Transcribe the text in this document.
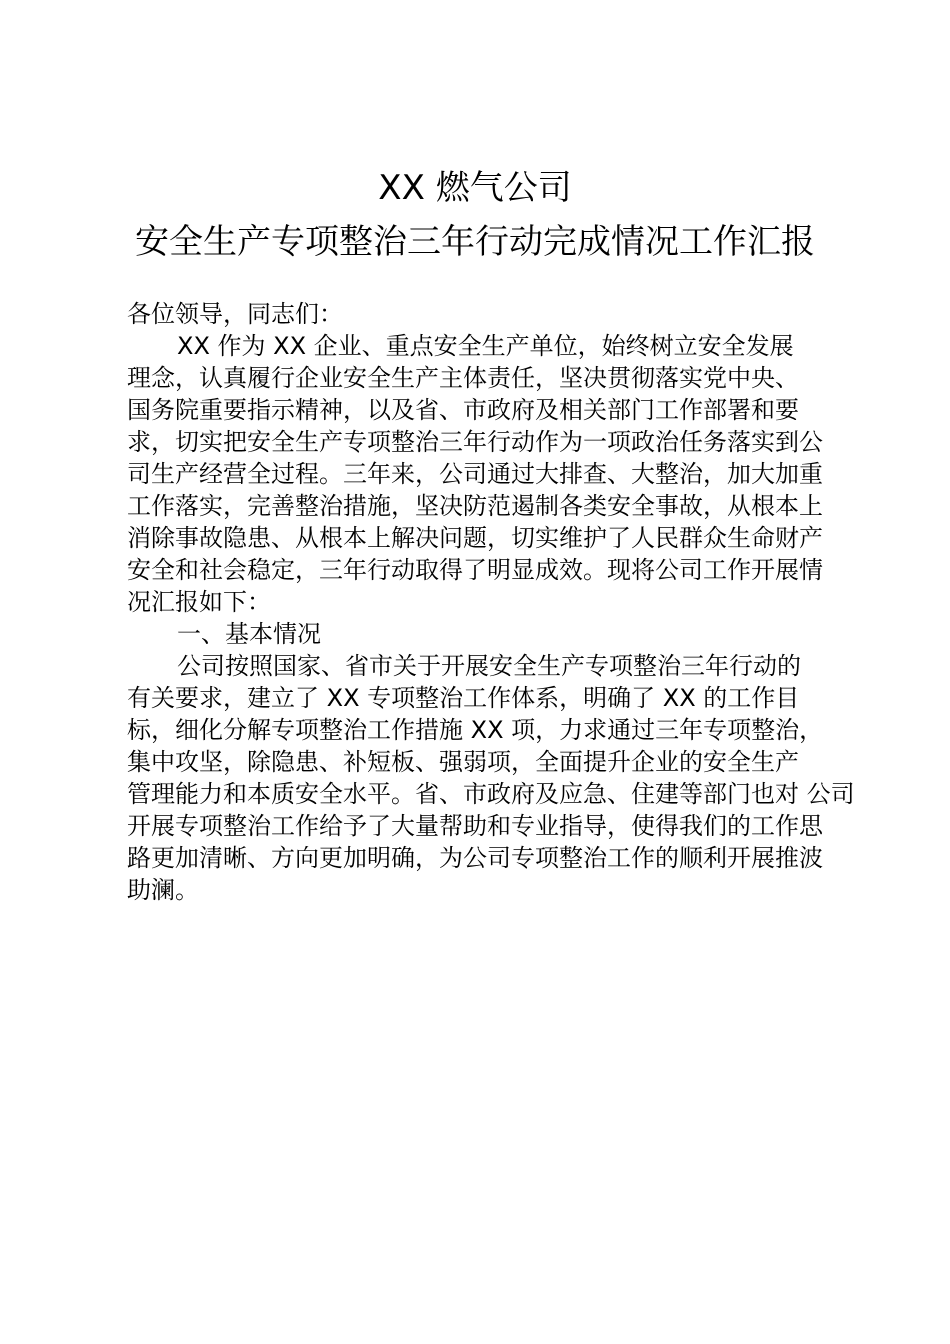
XX 燃气公司
安全生产专项整治三年行动完成情况工作汇报
各位领导，同志们：
XX 作为 XX 企业、重点安全生产单位，始终树立安全发展
理念，认真履行企业安全生产主体责任，坚决贯彻落实党中央、
国务院重要指示精神，以及省、市政府及相关部门工作部署和要
求，切实把安全生产专项整治三年行动作为一项政治任务落实到公
司生产经营全过程。三年来，公司通过大排查、大整治，加大加重
工作落实，完善整治措施，坚决防范遏制各类安全事故，从根本上
消除事故隐患、从根本上解决问题，切实维护了人民群众生命财产
安全和社会稳定，三年行动取得了明显成效。现将公司工作开展情
况汇报如下：
一、基本情况
公司按照国家、省市关于开展安全生产专项整治三年行动的
有关要求，建立了 XX 专项整治工作体系，明确了 XX 的工作目
标，细化分解专项整治工作措施 XX 项，力求通过三年专项整治，
集中攻坚，除隐患、补短板、强弱项，全面提升企业的安全生产
管理能力和本质安全水平。省、市政府及应急、住建等部门也对 公司
开展专项整治工作给予了大量帮助和专业指导，使得我们的工作思
路更加清晰、方向更加明确，为公司专项整治工作的顺利开展推波
助澜。
